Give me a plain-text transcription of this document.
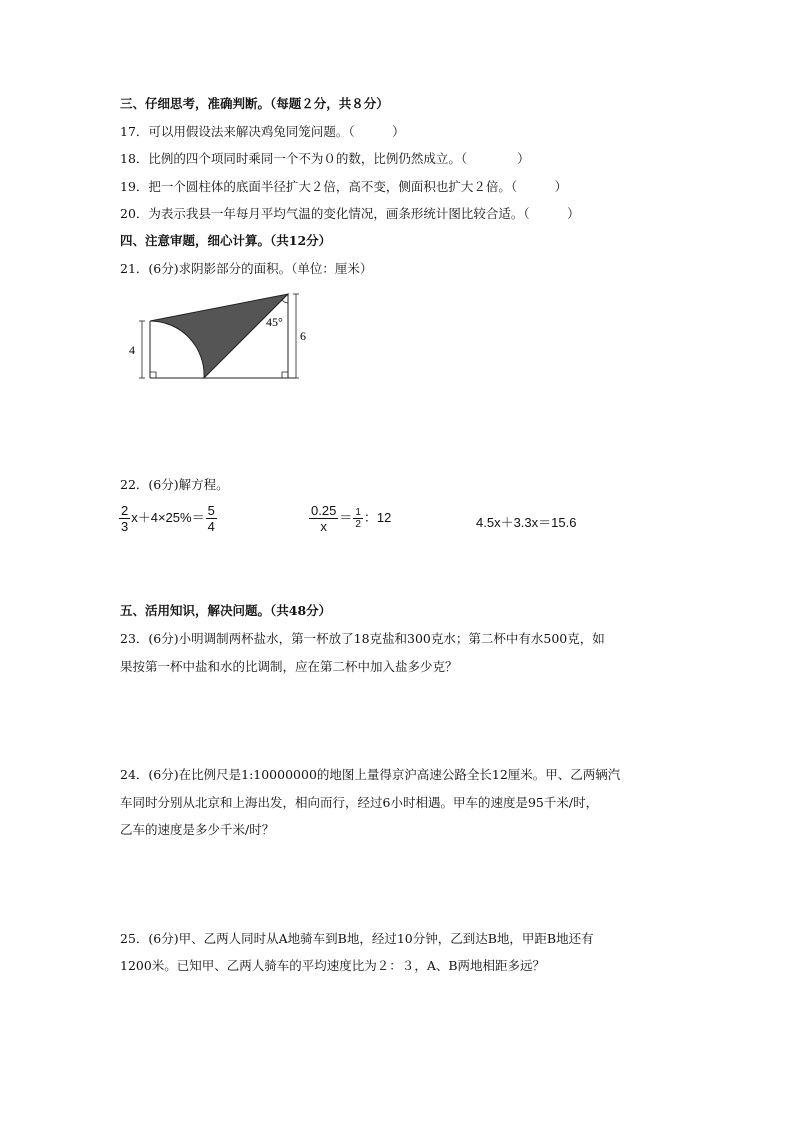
三、仔细思考，准确判断。（每题２分，共８分）
17．可以用假设法来解决鸡兔同笼问题。（　　　）
18．比例的四个项同时乘同一个不为０的数，比例仍然成立。（　　　　）
19．把一个圆柱体的底面半径扩大２倍，高不变，侧面积也扩大２倍。（　　　）
20．为表示我县一年每月平均气温的变化情况，画条形统计图比较合适。（　　　）
四、注意审题，细心计算。（共12分）
21．(6分)求阴影部分的面积。（单位：厘米）
4
6
45°
22．(6分)解方程。
$\frac{2}{3} x+4\times 25\%= \frac{5}{4}$	$\frac{0.25}{x} = \frac{1}{2}$ ：12	4.5x＋3.3x＝15.6
五、活用知识，解决问题。（共48分）
23．(6分)小明调制两杯盐水，第一杯放了18克盐和300克水；第二杯中有水500克，如
果按第一杯中盐和水的比调制，应在第二杯中加入盐多少克？
24．(6分)在比例尺是1:10000000的地图上量得京沪高速公路全长12厘米。甲、乙两辆汽
车同时分别从北京和上海出发，相向而行，经过6小时相遇。甲车的速度是95千米/时，
乙车的速度是多少千米/时？
25．(6分)甲、乙两人同时从A地骑车到B地，经过10分钟，乙到达B地，甲距B地还有
1200米。已知甲、乙两人骑车的平均速度比为２：３，A、B两地相距多远？
